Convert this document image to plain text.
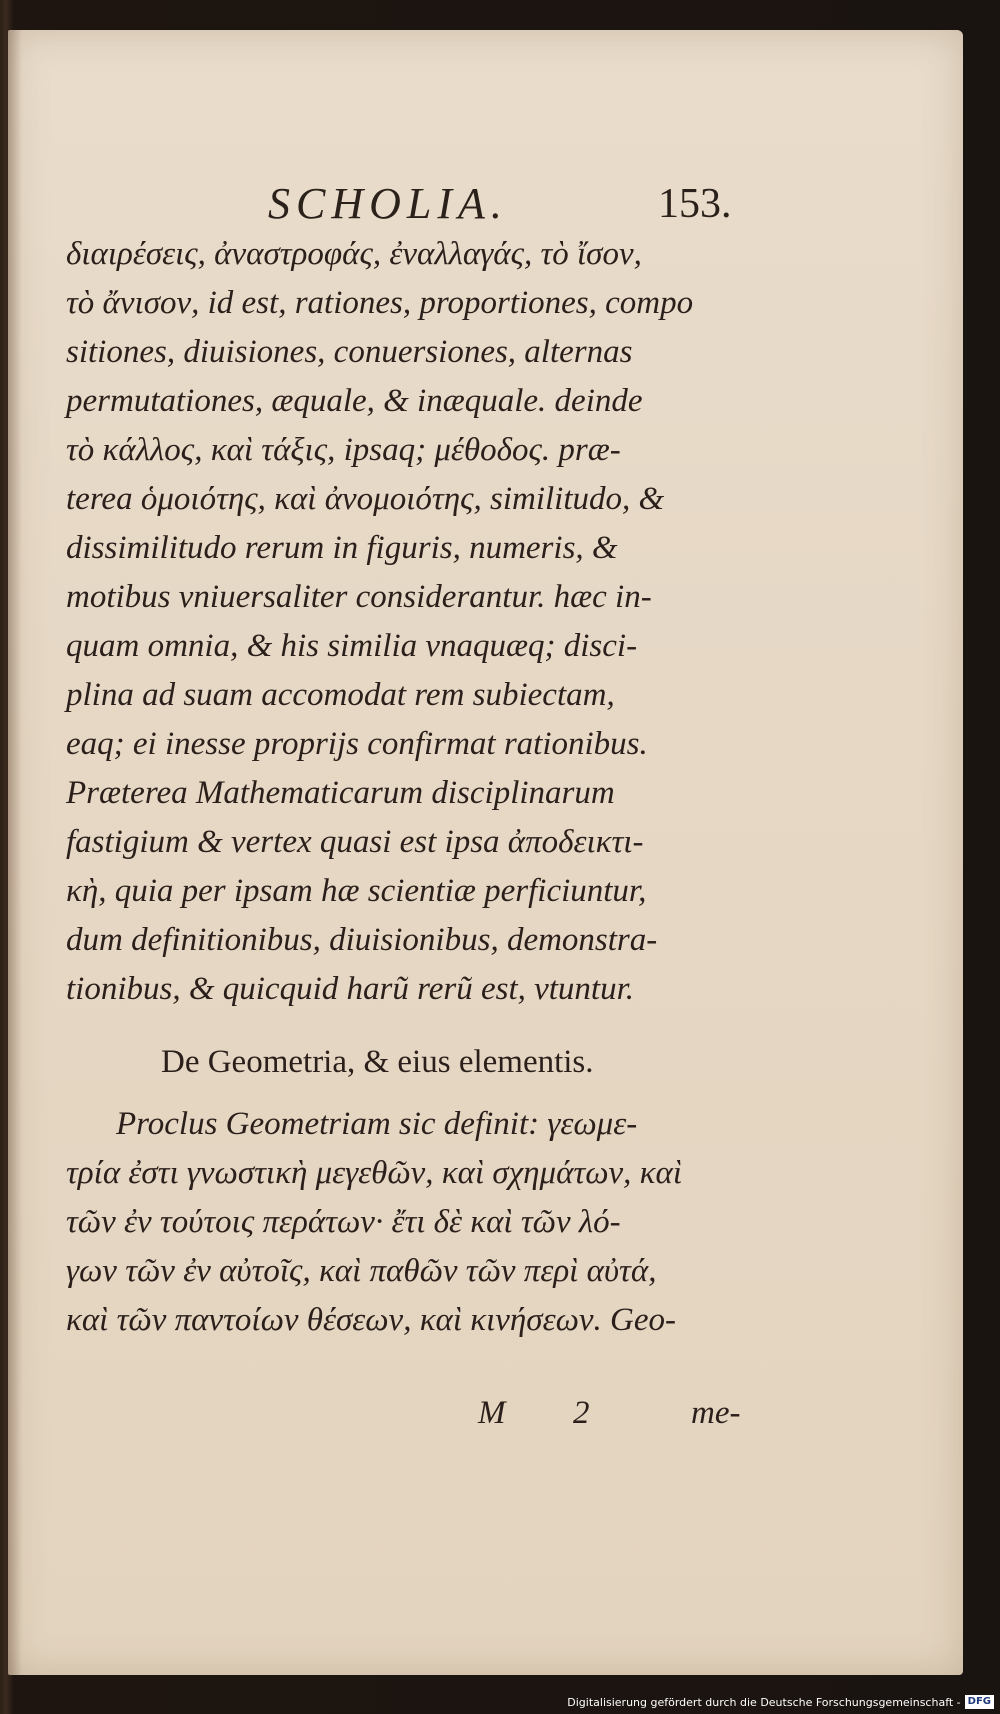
SCHOLIA.	153.
διαιρέσεις, ἀναστροφάς, ἐναλλαγάς, τὸ ἴσον,
τὸ ἄνισον, id est, rationes, proportiones, compo
sitiones, diuisiones, conuersiones, alternas
permutationes, æquale, & inæquale. deinde
τὸ κάλλος, καὶ τάξις, ipsaq; μέθοδος. præ-
terea ὁμοιότης, καὶ ἀνομοιότης, similitudo, &
dissimilitudo rerum in figuris, numeris, &
motibus vniuersaliter considerantur. hæc in-
quam omnia, & his similia vnaquæq; disci-
plina ad suam accomodat rem subiectam,
eaq; ei inesse proprijs confirmat rationibus.
Præterea Mathematicarum disciplinarum
fastigium & vertex quasi est ipsa ἀποδεικτι-
κὴ, quia per ipsam hæ scientiæ perficiuntur,
dum definitionibus, diuisionibus, demonstra-
tionibus, & quicquid harũ rerũ est, vtuntur.
De Geometria, & eius elementis.
Proclus Geometriam sic definit: γεωμε-
τρία ἐστι γνωστικὴ μεγεθῶν, καὶ σχημάτων, καὶ
τῶν ἐν τούτοις περάτων· ἔτι δὲ καὶ τῶν λό-
γων τῶν ἐν αὐτοῖς, καὶ παθῶν τῶν περὶ αὐτά,
καὶ τῶν παντοίων θέσεων, καὶ κινήσεων. Geo-
M 2	me-
Digitalisierung gefördert durch die Deutsche Forschungsgemeinschaft - DFG
